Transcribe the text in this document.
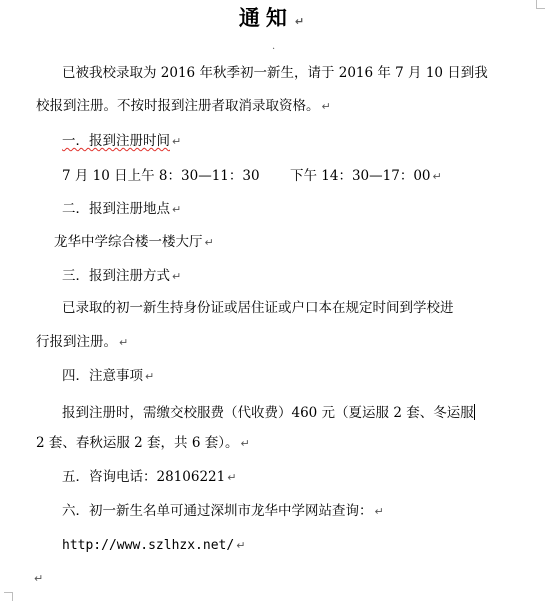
通知 ↵
·
已被我校录取为 2016 年秋季初一新生，请于 2016 年 7 月 10 日到我
校报到注册。不按时报到注册者取消录取资格。 ↵
一．报到注册时间 ↵
7 月 10 日上午 8：30—11：30 下午 14：30—17：00 ↵
二．报到注册地点 ↵
龙华中学综合楼一楼大厅 ↵
三．报到注册方式 ↵
已录取的初一新生持身份证或居住证或户口本在规定时间到学校进
行报到注册。 ↵
四．注意事项 ↵
报到注册时，需缴交校服费（代收费）460 元（夏运服 2 套、冬运服
2 套、春秋运服 2 套，共 6 套）。 ↵
五．咨询电话：28106221 ↵
六．初一新生名单可通过深圳市龙华中学网站查询： ↵
http://www.szlhzx.net/ ↵
↵
